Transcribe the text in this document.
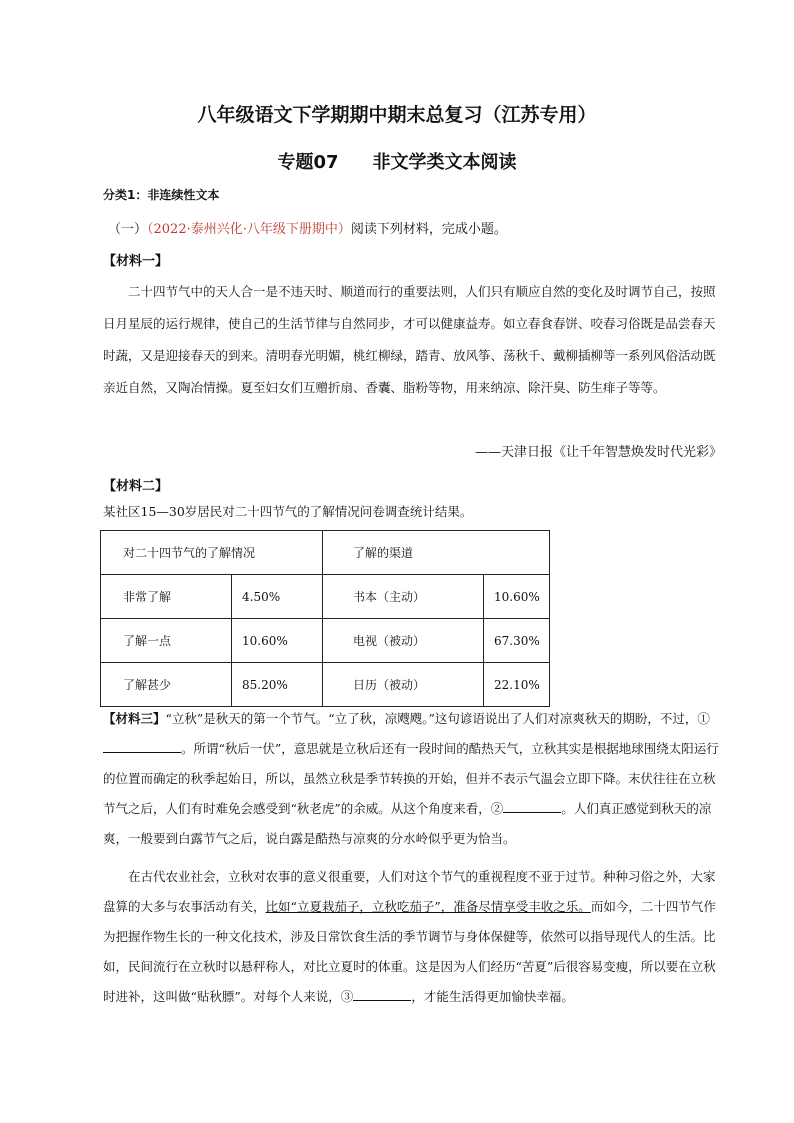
八年级语文下学期期中期末总复习（江苏专用）
专题07 非文学类文本阅读
分类1：非连续性文本
（一）（2022·泰州兴化·八年级下册期中）阅读下列材料，完成小题。
【材料一】
二十四节气中的天人合一是不违天时、顺道而行的重要法则，人们只有顺应自然的变化及时调节自己，按照日月星辰的运行规律，使自己的生活节律与自然同步，才可以健康益寿。如立春食春饼、咬春习俗既是品尝春天时蔬，又是迎接春天的到来。清明春光明媚，桃红柳绿，踏青、放风筝、荡秋千、戴柳插柳等一系列风俗活动既亲近自然，又陶冶情操。夏至妇女们互赠折扇、香囊、脂粉等物，用来纳凉、除汗臭、防生痱子等等。
——天津日报《让千年智慧焕发时代光彩》
【材料二】
某社区15—30岁居民对二十四节气的了解情况问卷调查统计结果。
对二十四节气的了解情况		了解的渠道	
非常了解	4.50%	书本（主动）	10.60%
了解一点	10.60%	电视（被动）	67.30%
了解甚少	85.20%	日历（被动）	22.10%
【材料三】“立秋”是秋天的第一个节气。“立了秋，凉飕飕。”这句谚语说出了人们对凉爽秋天的期盼，不过，①。所谓“秋后一伏”，意思就是立秋后还有一段时间的酷热天气，立秋其实是根据地球围绕太阳运行的位置而确定的秋季起始日，所以，虽然立秋是季节转换的开始，但并不表示气温会立即下降。末伏往往在立秋节气之后，人们有时难免会感受到“秋老虎”的余威。从这个角度来看，②	。人们真正感觉到秋天的凉爽，一般要到白露节气之后，说白露是酷热与凉爽的分水岭似乎更为恰当。
在古代农业社会，立秋对农事的意义很重要，人们对这个节气的重视程度不亚于过节。种种习俗之外，大家盘算的大多与农事活动有关，比如“立夏栽茄子，立秋吃茄子”，准备尽情享受丰收之乐。而如今，二十四节气作为把握作物生长的一种文化技术，涉及日常饮食生活的季节调节与身体保健等，依然可以指导现代人的生活。比如，民间流行在立秋时以悬秤称人，对比立夏时的体重。这是因为人们经历“苦夏”后很容易变瘦，所以要在立秋时进补，这叫做“贴秋膘”。对每个人来说，③	，才能生活得更加愉快幸福。
